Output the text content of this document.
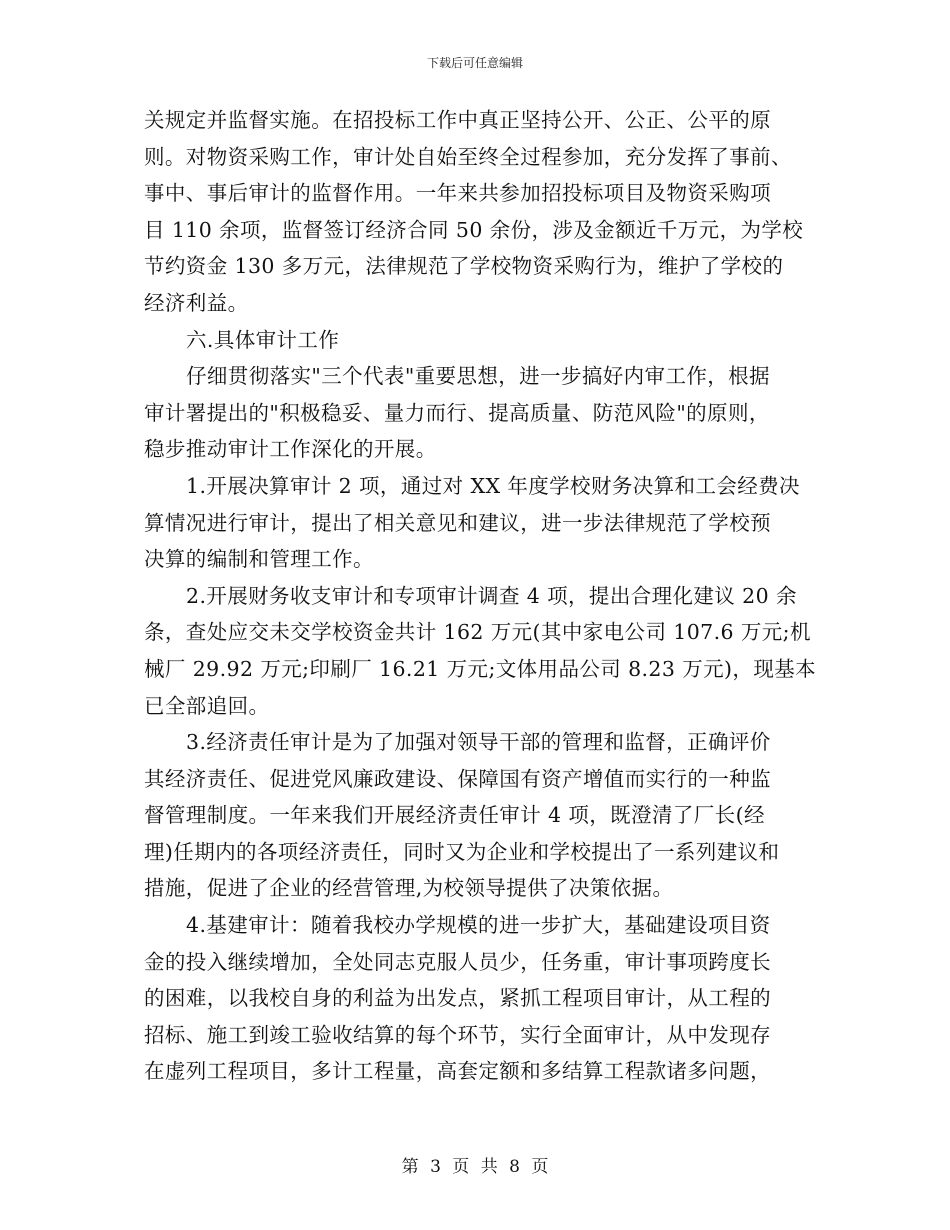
下载后可任意编辑
关规定并监督实施。在招投标工作中真正坚持公开、公正、公平的原
则。对物资采购工作，审计处自始至终全过程参加，充分发挥了事前、
事中、事后审计的监督作用。一年来共参加招投标项目及物资采购项
目 110 余项，监督签订经济合同 50 余份，涉及金额近千万元，为学校
节约资金 130 多万元，法律规范了学校物资采购行为，维护了学校的
经济利益。
六.具体审计工作
仔细贯彻落实"三个代表"重要思想，进一步搞好内审工作，根据
审计署提出的"积极稳妥、量力而行、提高质量、防范风险"的原则，
稳步推动审计工作深化的开展。
1.开展决算审计 2 项，通过对 XX 年度学校财务决算和工会经费决
算情况进行审计，提出了相关意见和建议，进一步法律规范了学校预
决算的编制和管理工作。
2.开展财务收支审计和专项审计调查 4 项，提出合理化建议 20 余
条，查处应交未交学校资金共计 162 万元(其中家电公司 107.6 万元;机
械厂 29.92 万元;印刷厂 16.21 万元;文体用品公司 8.23 万元)，现基本
已全部追回。
3.经济责任审计是为了加强对领导干部的管理和监督，正确评价
其经济责任、促进党风廉政建设、保障国有资产增值而实行的一种监
督管理制度。一年来我们开展经济责任审计 4 项，既澄清了厂长(经
理)任期内的各项经济责任，同时又为企业和学校提出了一系列建议和
措施，促进了企业的经营管理,为校领导提供了决策依据。
4.基建审计：随着我校办学规模的进一步扩大，基础建设项目资
金的投入继续增加，全处同志克服人员少，任务重，审计事项跨度长
的困难，以我校自身的利益为出发点，紧抓工程项目审计，从工程的
招标、施工到竣工验收结算的每个环节，实行全面审计，从中发现存
在虚列工程项目，多计工程量，高套定额和多结算工程款诸多问题，
第 3 页 共 8 页
